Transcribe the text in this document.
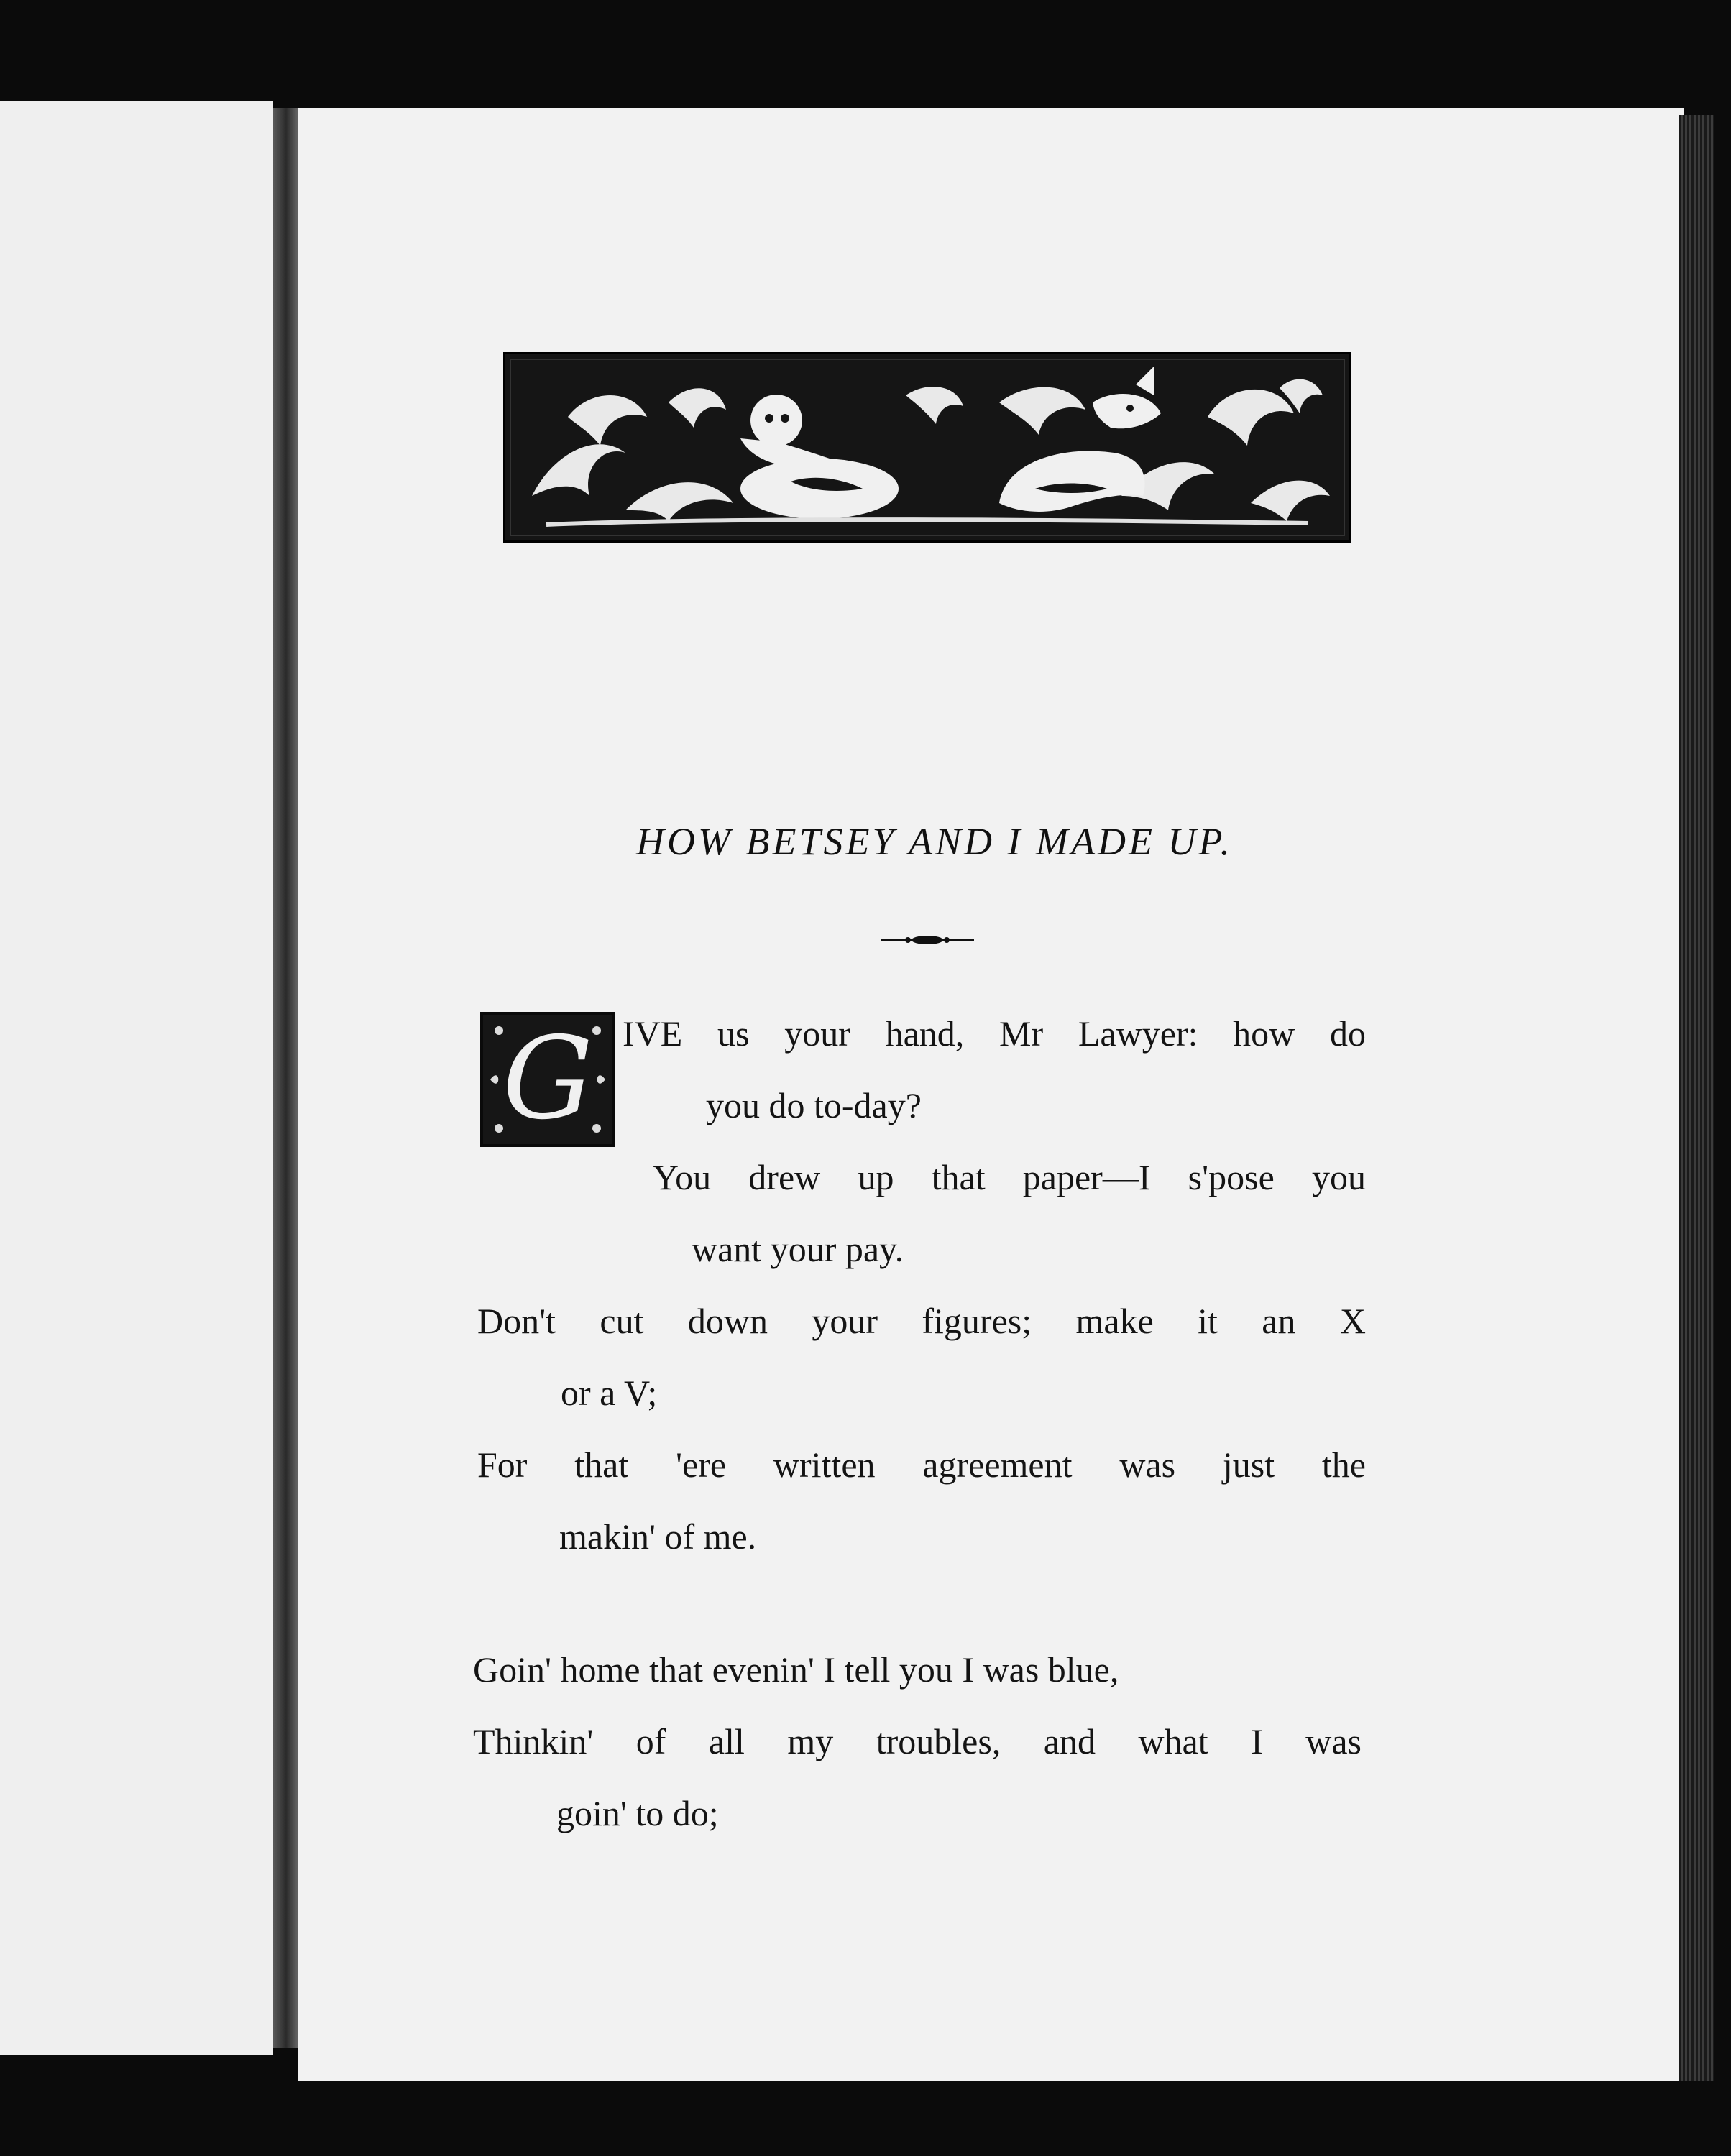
HOW BETSEY AND I MADE UP.
G IVE us your hand, Mr Lawyer: how do
you do to-day?
You drew up that paper—I s'pose you
want your pay.
Don't cut down your figures; make it an X
or a V;
For that 'ere written agreement was just the
makin' of me.
Goin' home that evenin' I tell you I was blue,
Thinkin' of all my troubles, and what I was
goin' to do;
